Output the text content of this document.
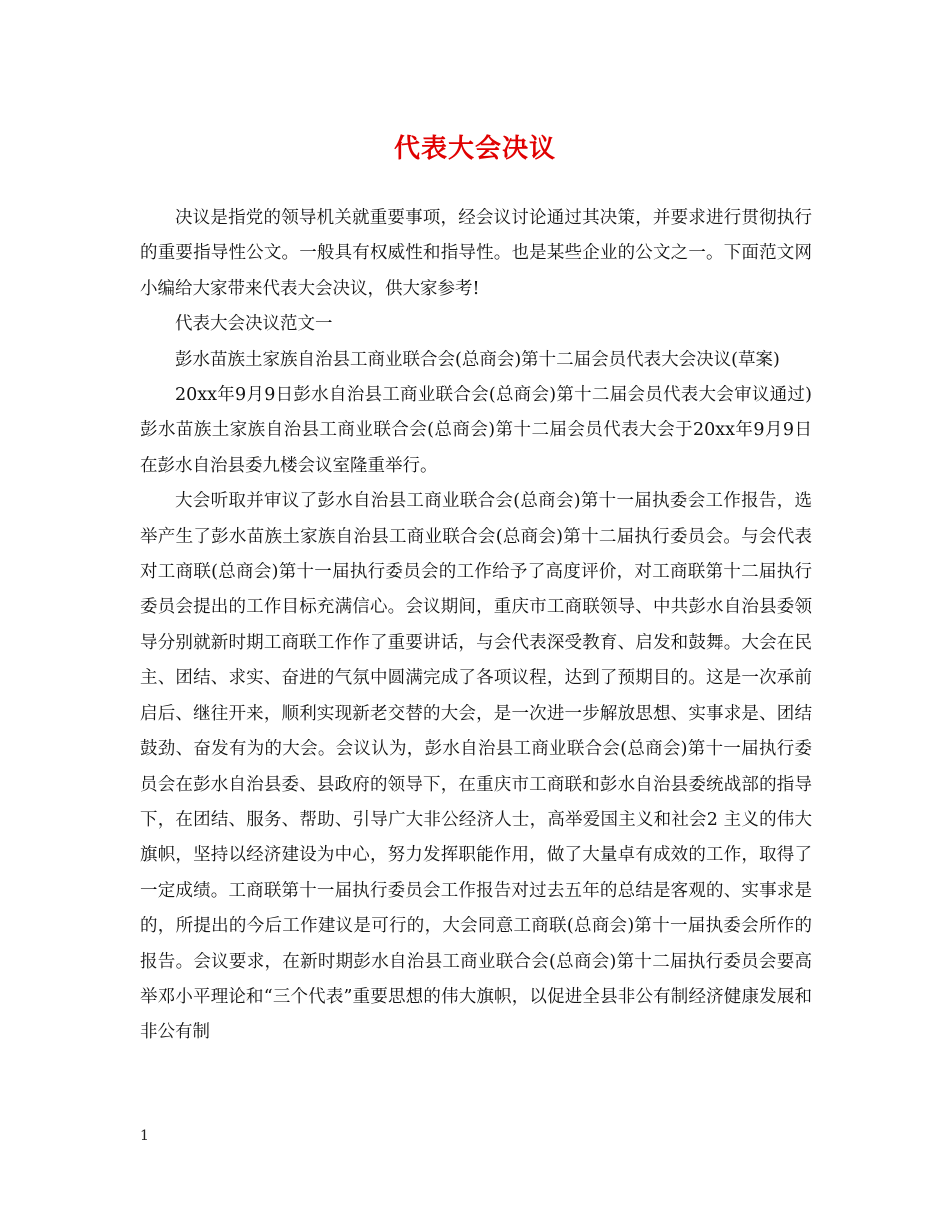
代表大会决议

决议是指党的领导机关就重要事项，经会议讨论通过其决策，并要求进行贯彻执行的重要指导性公文。一般具有权威性和指导性。也是某些企业的公文之一。下面范文网小编给大家带来代表大会决议，供大家参考!

代表大会决议范文一

彭水苗族土家族自治县工商业联合会(总商会)第十二届会员代表大会决议(草案)

20xx年9月9日彭水自治县工商业联合会(总商会)第十二届会员代表大会审议通过)彭水苗族土家族自治县工商业联合会(总商会)第十二届会员代表大会于20xx年9月9日在彭水自治县委九楼会议室隆重举行。

大会听取并审议了彭水自治县工商业联合会(总商会)第十一届执委会工作报告，选举产生了彭水苗族土家族自治县工商业联合会(总商会)第十二届执行委员会。与会代表对工商联(总商会)第十一届执行委员会的工作给予了高度评价，对工商联第十二届执行委员会提出的工作目标充满信心。会议期间，重庆市工商联领导、中共彭水自治县委领导分别就新时期工商联工作作了重要讲话，与会代表深受教育、启发和鼓舞。大会在民主、团结、求实、奋进的气氛中圆满完成了各项议程，达到了预期目的。这是一次承前启后、继往开来，顺利实现新老交替的大会，是一次进一步解放思想、实事求是、团结鼓劲、奋发有为的大会。会议认为，彭水自治县工商业联合会(总商会)第十一届执行委员会在彭水自治县委、县政府的领导下，在重庆市工商联和彭水自治县委统战部的指导下，在团结、服务、帮助、引导广大非公经济人士，高举爱国主义和社会2 主义的伟大旗帜，坚持以经济建设为中心，努力发挥职能作用，做了大量卓有成效的工作，取得了一定成绩。工商联第十一届执行委员会工作报告对过去五年的总结是客观的、实事求是的，所提出的今后工作建议是可行的，大会同意工商联(总商会)第十一届执委会所作的报告。会议要求，在新时期彭水自治县工商业联合会(总商会)第十二届执行委员会要高举邓小平理论和“三个代表”重要思想的伟大旗帜，以促进全县非公有制经济健康发展和非公有制

1
